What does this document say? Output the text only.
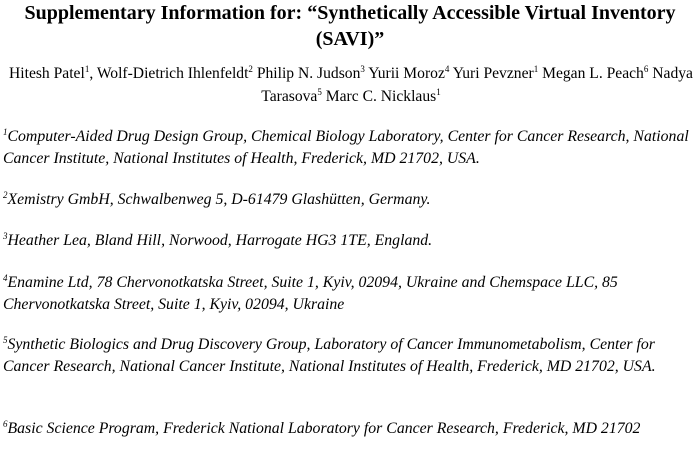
Supplementary Information for: “Synthetically Accessible Virtual Inventory (SAVI)”
Hitesh Patel$^1$, Wolf-Dietrich Ihlenfeldt$^2$ Philip N. Judson$^3$ Yurii Moroz$^4$ Yuri Pevzner$^1$ Megan L. Peach$^6$ Nadya Tarasova$^5$ Marc C. Nicklaus$^1$
$^1$Computer-Aided Drug Design Group, Chemical Biology Laboratory, Center for Cancer Research, National Cancer Institute, National Institutes of Health, Frederick, MD 21702, USA.
$^2$Xemistry GmbH, Schwalbenweg 5, D-61479 Glashütten, Germany.
$^3$Heather Lea, Bland Hill, Norwood, Harrogate HG3 1TE, England.
$^4$Enamine Ltd, 78 Chervonotkatska Street, Suite 1, Kyiv, 02094, Ukraine and Chemspace LLC, 85 Chervonotkatska Street, Suite 1, Kyiv, 02094, Ukraine
$^5$Synthetic Biologics and Drug Discovery Group, Laboratory of Cancer Immunometabolism, Center for Cancer Research, National Cancer Institute, National Institutes of Health, Frederick, MD 21702, USA.
$^6$Basic Science Program, Frederick National Laboratory for Cancer Research, Frederick, MD 21702
